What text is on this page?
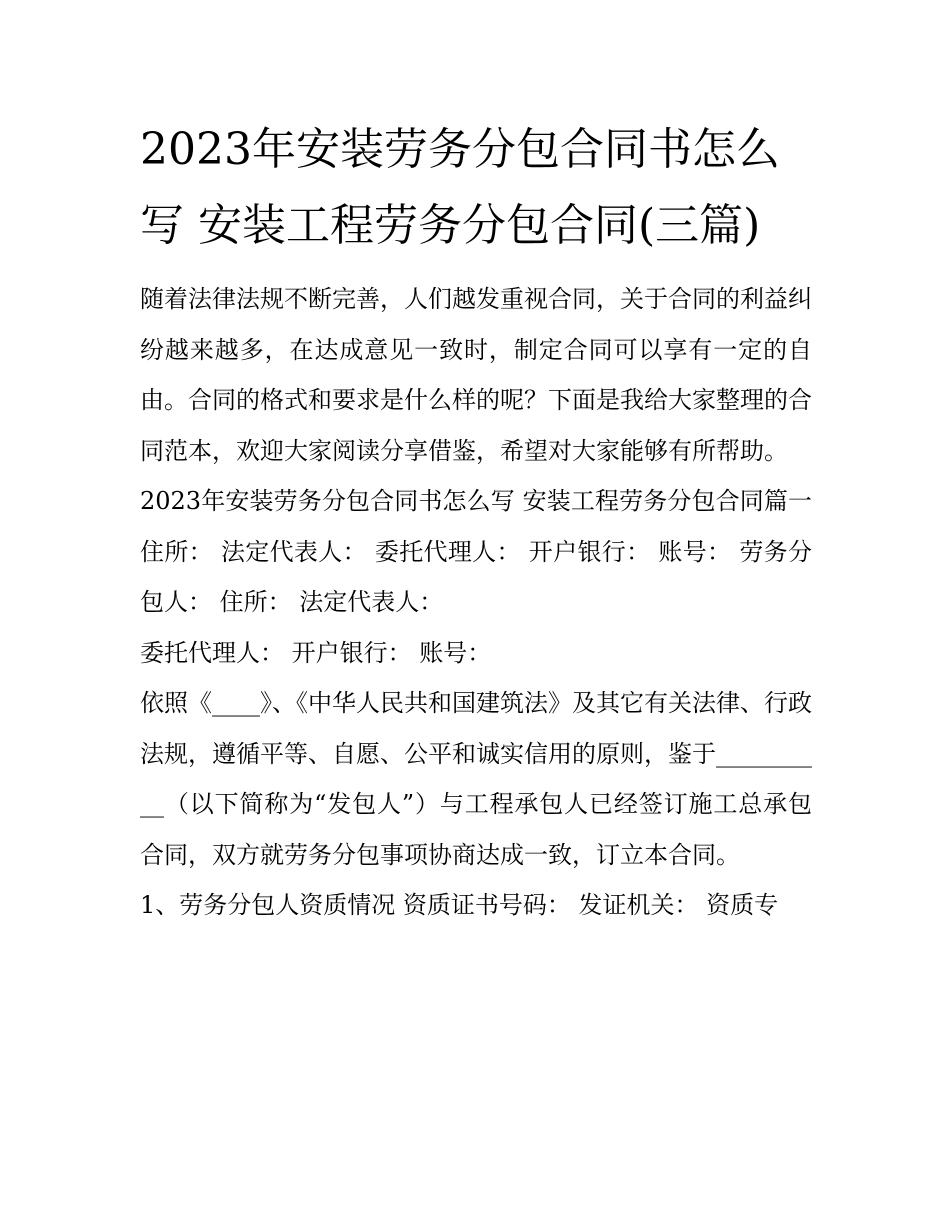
2023年安装劳务分包合同书怎么写 安装工程劳务分包合同(三篇)

随着法律法规不断完善，人们越发重视合同，关于合同的利益纠纷越来越多，在达成意见一致时，制定合同可以享有一定的自由。合同的格式和要求是什么样的呢？下面是我给大家整理的合同范本，欢迎大家阅读分享借鉴，希望对大家能够有所帮助。

2023年安装劳务分包合同书怎么写 安装工程劳务分包合同篇一 住所： 法定代表人： 委托代理人： 开户银行： 账号： 劳务分包人： 住所： 法定代表人：

委托代理人： 开户银行： 账号：

依照《____》、《中华人民共和国建筑法》及其它有关法律、行政法规，遵循平等、自愿、公平和诚实信用的原则，鉴于__________（以下简称为“发包人”）与工程承包人已经签订施工总承包合同，双方就劳务分包事项协商达成一致，订立本合同。

1、劳务分包人资质情况 资质证书号码： 发证机关： 资质专
